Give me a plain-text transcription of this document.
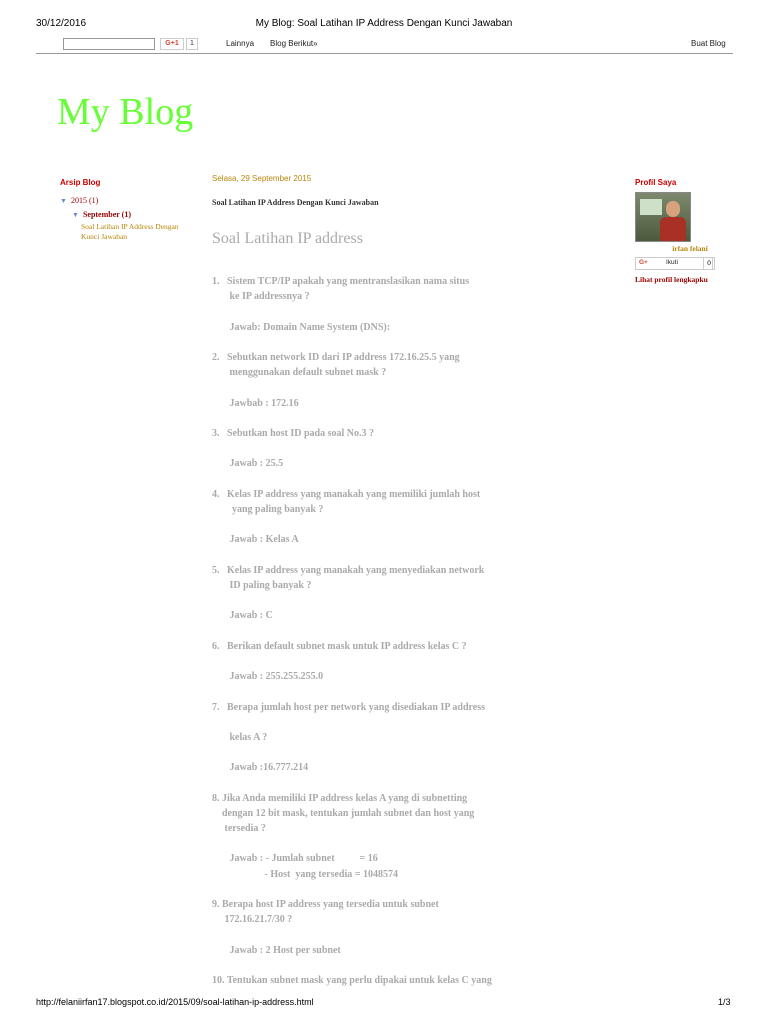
30/12/2016	My Blog: Soal Latihan IP Address Dengan Kunci Jawaban
G+1	1	Lainnya Blog Berikut»	Buat Blog
My Blog
Arsip Blog
▼ 2015 (1)
▼ September (1)
Soal Latihan IP Address Dengan Kunci Jawaban
Selasa, 29 September 2015
Soal Latihan IP Address Dengan Kunci Jawaban
Soal Latihan IP address
1.   Sistem TCP/IP apakah yang mentranslasikan nama situs
ke IP addressnya ?
Jawab: Domain Name System (DNS):
2.   Sebutkan network ID dari IP address 172.16.25.5 yang
menggunakan default subnet mask ?
Jawbab : 172.16
3.   Sebutkan host ID pada soal No.3 ?
Jawab : 25.5
4.   Kelas IP address yang manakah yang memiliki jumlah host
yang paling banyak ?
Jawab : Kelas A
5.   Kelas IP address yang manakah yang menyediakan network
ID paling banyak ?
Jawab : C
6.   Berikan default subnet mask untuk IP address kelas C ?
Jawab : 255.255.255.0
7.   Berapa jumlah host per network yang disediakan IP address
kelas A ?
Jawab :16.777.214
8. Jika Anda memiliki IP address kelas A yang di subnetting
dengan 12 bit mask, tentukan jumlah subnet dan host yang
tersedia ?
Jawab : - Jumlah subnet          = 16
- Host  yang tersedia = 1048574
9. Berapa host IP address yang tersedia untuk subnet
172.16.21.7/30 ?
Jawab : 2 Host per subnet
10. Tentukan subnet mask yang perlu dipakai untuk kelas C yang
Profil Saya
irfan felani
G+	Ikuti	0
Lihat profil lengkapku
http://felaniirfan17.blogspot.co.id/2015/09/soal-latihan-ip-address.html	1/3
